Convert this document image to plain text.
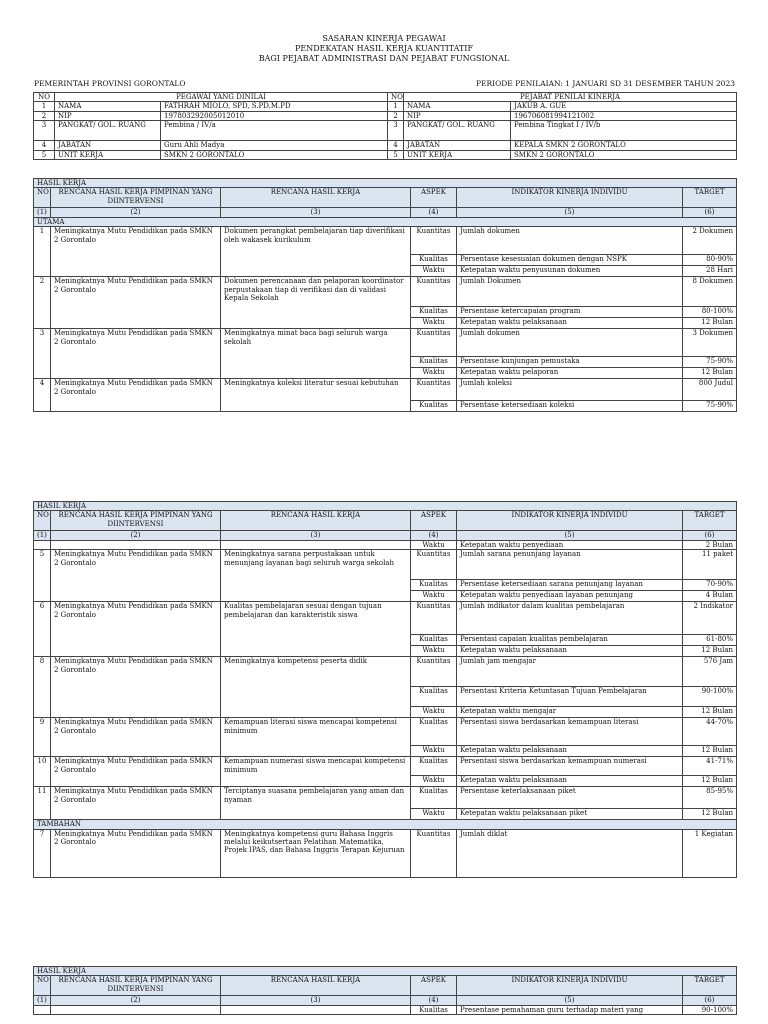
SASARAN KINERJA PEGAWAI
PENDEKATAN HASIL KERJA KUANTITATIF
BAGI PEJABAT ADMINISTRASI DAN PEJABAT FUNGSIONAL
PEMERINTAH PROVINSI GORONTALO	PERIODE PENILAIAN: 1 JANUARI SD 31 DESEMBER TAHUN 2023
NO	PEGAWAI YANG DINILAI		NO	PEJABAT PENILAI KINERJA	
1	NAMA	FATHRAH MIOLO, SPD, S.PD.M.PD	1	NAMA	JAKUB A. GUE
2	NIP	197803292005012010	2	NIP	196706081994121002
3	PANGKAT/ GOL. RUANG	Pembina / IV/a	3	PANGKAT/ GOL. RUANG	Pembina Tingkat I / IV/b
4	JABATAN	Guru Ahli Madya	4	JABATAN	KEPALA SMKN 2 GORONTALO
5	UNIT KERJA	SMKN 2 GORONTALO	5	UNIT KERJA	SMKN 2 GORONTALO
HASIL KERJA					
NO	RENCANA HASIL KERJA PIMPINAN YANG DIINTERVENSI	RENCANA HASIL KERJA	ASPEK	INDIKATOR KINERJA INDIVIDU	TARGET
(1)	(2)	(3)	(4)	(5)	(6)
UTAMA					
1	Meningkatnya Mutu Pendidikan pada SMKN 2 Gorontalo	Dokumen perangkat pembelajaran tiap diverifikasi oleh wakasek kurikulum	Kuantitas	Jumlah dokumen	2 Dokumen
			Kualitas	Persentase kesesuaian dokumen dengan NSPK	80-90%
			Waktu	Ketepatan waktu penyusunan dokumen	28 Hari
2	Meningkatnya Mutu Pendidikan pada SMKN 2 Gorontalo	Dokumen perencanaan dan pelaporan koordinator perpustakaan tiap di verifikasi dan di validasi Kepala Sekolah	Kuantitas	Jumlah Dokumen	8 Dokumen
			Kualitas	Persentase ketercapaian program	80-100%
			Waktu	Ketepatan waktu pelaksanaan	12 Bulan
3	Meningkatnya Mutu Pendidikan pada SMKN 2 Gorontalo	Meningkatnya minat baca bagi seluruh warga sekolah	Kuantitas	Jumlah dokumen	3 Dokumen
			Kualitas	Persentase kunjungan pemustaka	75-90%
			Waktu	Ketepatan waktu pelaporan	12 Bulan
4	Meningkatnya Mutu Pendidikan pada SMKN 2 Gorontalo	Meningkatnya koleksi literatur sesuai kebutuhan	Kuantitas	Jumlah koleksi	800 Judul
			Kualitas	Persentase ketersediaan koleksi	75-90%
HASIL KERJA					
NO	RENCANA HASIL KERJA PIMPINAN YANG DIINTERVENSI	RENCANA HASIL KERJA	ASPEK	INDIKATOR KINERJA INDIVIDU	TARGET
(1)	(2)	(3)	(4)	(5)	(6)
			Waktu	Ketepatan waktu penyediaan	2 Bulan
5	Meningkatnya Mutu Pendidikan pada SMKN 2 Gorontalo	Meningkatnya sarana perpustakaan untuk menunjang layanan bagi seluruh warga sekolah	Kuantitas	Jumlah sarana penunjang layanan	11 paket
			Kualitas	Persentase ketersediaan sarana penunjang layanan	70-90%
			Waktu	Ketepatan waktu penyediaan layanan penunjang	4 Bulan
6	Meningkatnya Mutu Pendidikan pada SMKN 2 Gorontalo	Kualitas pembelajaran sesuai dengan tujuan pembelajaran dan karakteristik siswa	Kuantitas	Jumlah indikator dalam kualitas pembelajaran	2 Indikator
			Kualitas	Persentasi capaian kualitas pembelajaran	61-80%
			Waktu	Ketepatan waktu pelaksanaan	12 Bulan
8	Meningkatnya Mutu Pendidikan pada SMKN 2 Gorontalo	Meningkatnya kompetensi peserta didik	Kuantitas	Jumlah jam mengajar	576 Jam
			Kualitas	Persentasi Kriteria Ketuntasan Tujuan Pembelajaran	90-100%
			Waktu	Ketepatan waktu mengajar	12 Bulan
9	Meningkatnya Mutu Pendidikan pada SMKN 2 Gorontalo	Kemampuan literasi siswa mencapai kompetensi minimum	Kualitas	Persentasi siswa berdasarkan kemampuan literasi	44-70%
			Waktu	Ketepatan waktu pelaksanaan	12 Bulan
10	Meningkatnya Mutu Pendidikan pada SMKN 2 Gorontalo	Kemampuan numerasi siswa mencapai kompetensi minimum	Kualitas	Persentasi siswa berdasarkan kemampuan numerasi	41-71%
			Waktu	Ketepatan waktu pelaksanaan	12 Bulan
11	Meningkatnya Mutu Pendidikan pada SMKN 2 Gorontalo	Terciptanya suasana pembelajaran yang aman dan nyaman	Kualitas	Persentase keterlaksanaan piket	85-95%
			Waktu	Ketepatan waktu pelaksanaan piket	12 Bulan
TAMBAHAN					
7	Meningkatnya Mutu Pendidikan pada SMKN 2 Gorontalo	Meningkatnya kompetensi guru Bahasa Inggris melalui keikutsertaan Pelatihan Matematika, Projek IPAS, dan Bahasa Inggris Terapan Kejuruan	Kuantitas	Jumlah diklat	1 Kegiatan
HASIL KERJA					
NO	RENCANA HASIL KERJA PIMPINAN YANG DIINTERVENSI	RENCANA HASIL KERJA	ASPEK	INDIKATOR KINERJA INDIVIDU	TARGET
(1)	(2)	(3)	(4)	(5)	(6)
			Kualitas	Presentase pemahaman guru terhadap materi yang	90-100%
